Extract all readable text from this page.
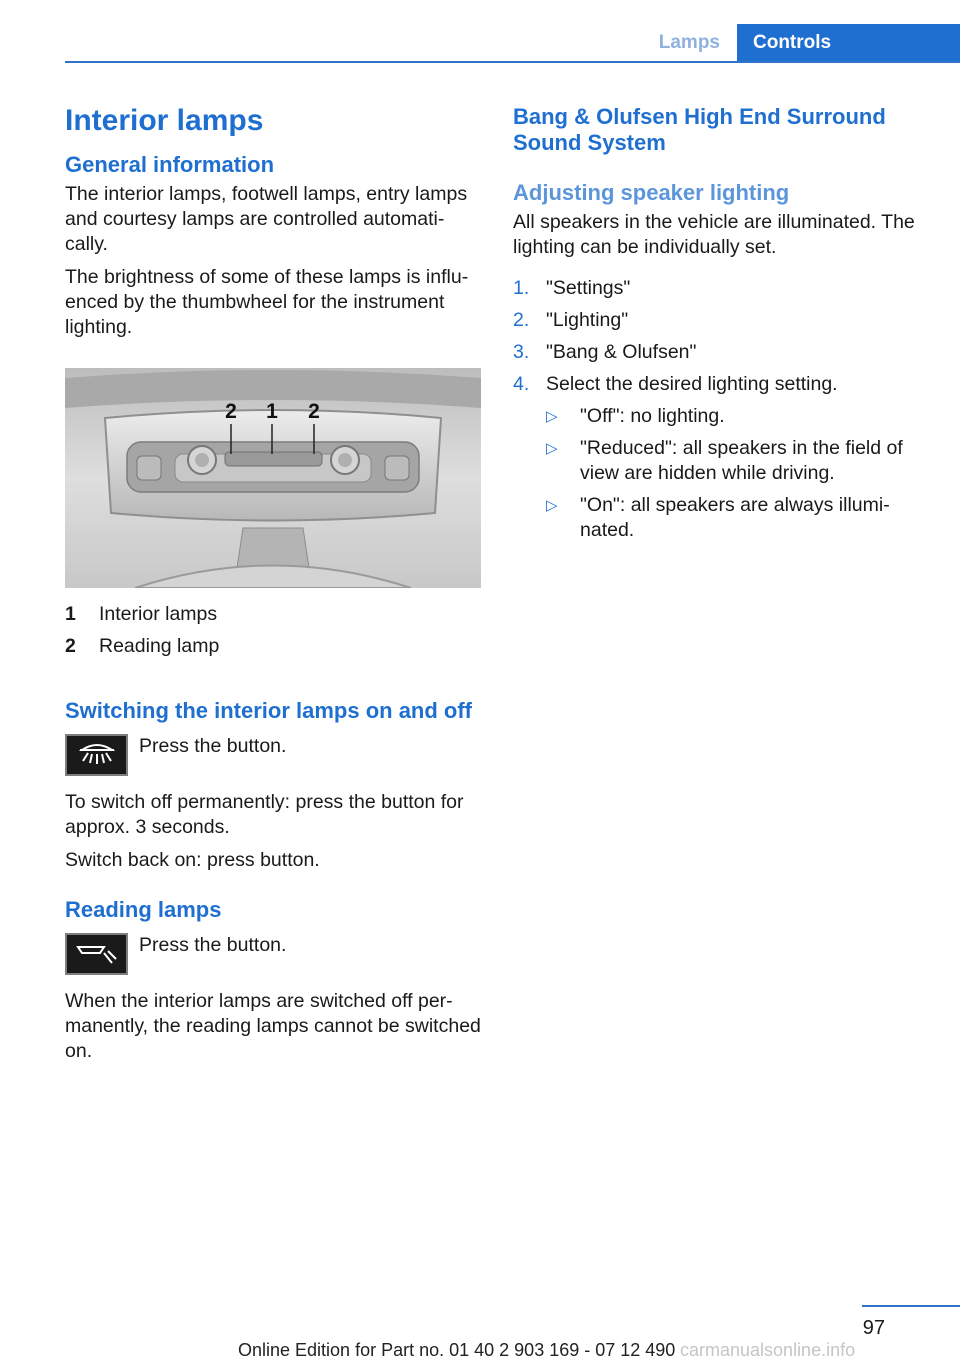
Lamps	Controls
Interior lamps
General information

The interior lamps, footwell lamps, entry lamps and courtesy lamps are controlled automati‐cally.

The brightness of some of these lamps is influ‐enced by the thumbwheel for the instrument lighting.

2 1 2
1	Interior lamps
2	Reading lamp
Switching the interior lamps on and off

Press the button.

To switch off permanently: press the button for approx. 3 seconds.

Switch back on: press button.

Reading lamps

Press the button.

When the interior lamps are switched off per‐manently, the reading lamps cannot be switched on.

Bang & Olufsen High End Surround Sound System
Adjusting speaker lighting

All speakers in the vehicle are illuminated. The lighting can be individually set.

1. "Settings"
2. "Lighting"
3. "Bang & Olufsen"
4. Select the desired lighting setting.
▷	"Off": no lighting.
▷	"Reduced": all speakers in the field of view are hidden while driving.
▷	"On": all speakers are always illumi‐nated.
97
Online Edition for Part no. 01 40 2 903 169 - 07 12 490 carmanualsonline.info
